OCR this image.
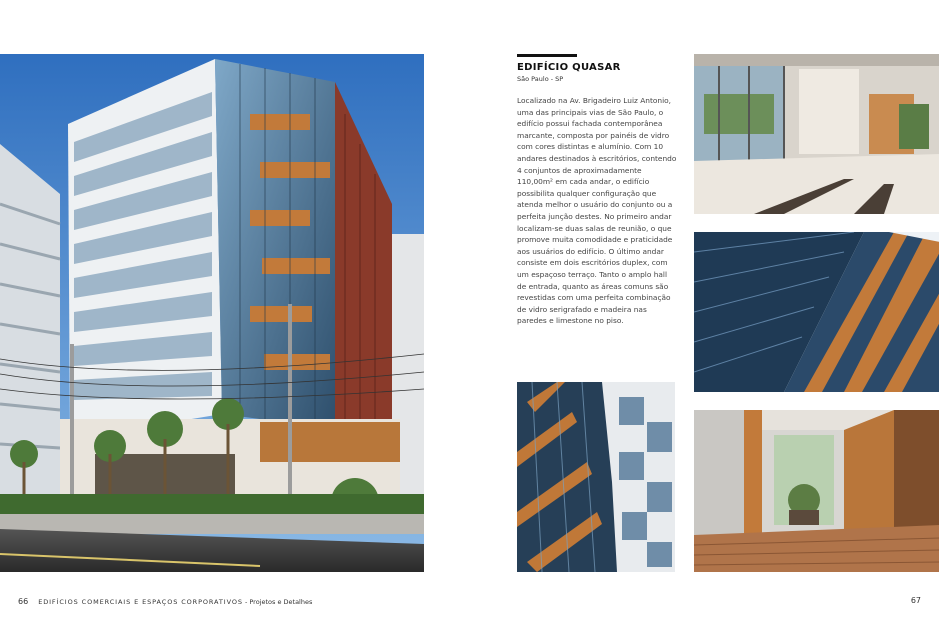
EDIFÍCIO QUASAR
São Paulo - SP

Localizado na Av. Brigadeiro Luiz Antonio, uma das principais vias de São Paulo, o edifício possui fachada contemporânea marcante, composta por painéis de vidro com cores distintas e alumínio. Com 10 andares destinados à escritórios, contendo 4 conjuntos de aproximadamente 110,00m² em cada andar, o edifício possibilita qualquer configuração que atenda melhor o usuário do conjunto ou a perfeita junção destes. No primeiro andar localizam-se duas salas de reunião, o que promove muita comodidade e praticidade aos usuários do edifício. O último andar consiste em dois escritórios duplex, com um espaçoso terraço. Tanto o amplo hall de entrada, quanto as áreas comuns são revestidas com uma perfeita combinação de vidro serigrafado e madeira nas paredes e limestone no piso.

66 EDIFÍCIOS COMERCIAIS E ESPAÇOS CORPORATIVOS - Projetos e Detalhes	67
